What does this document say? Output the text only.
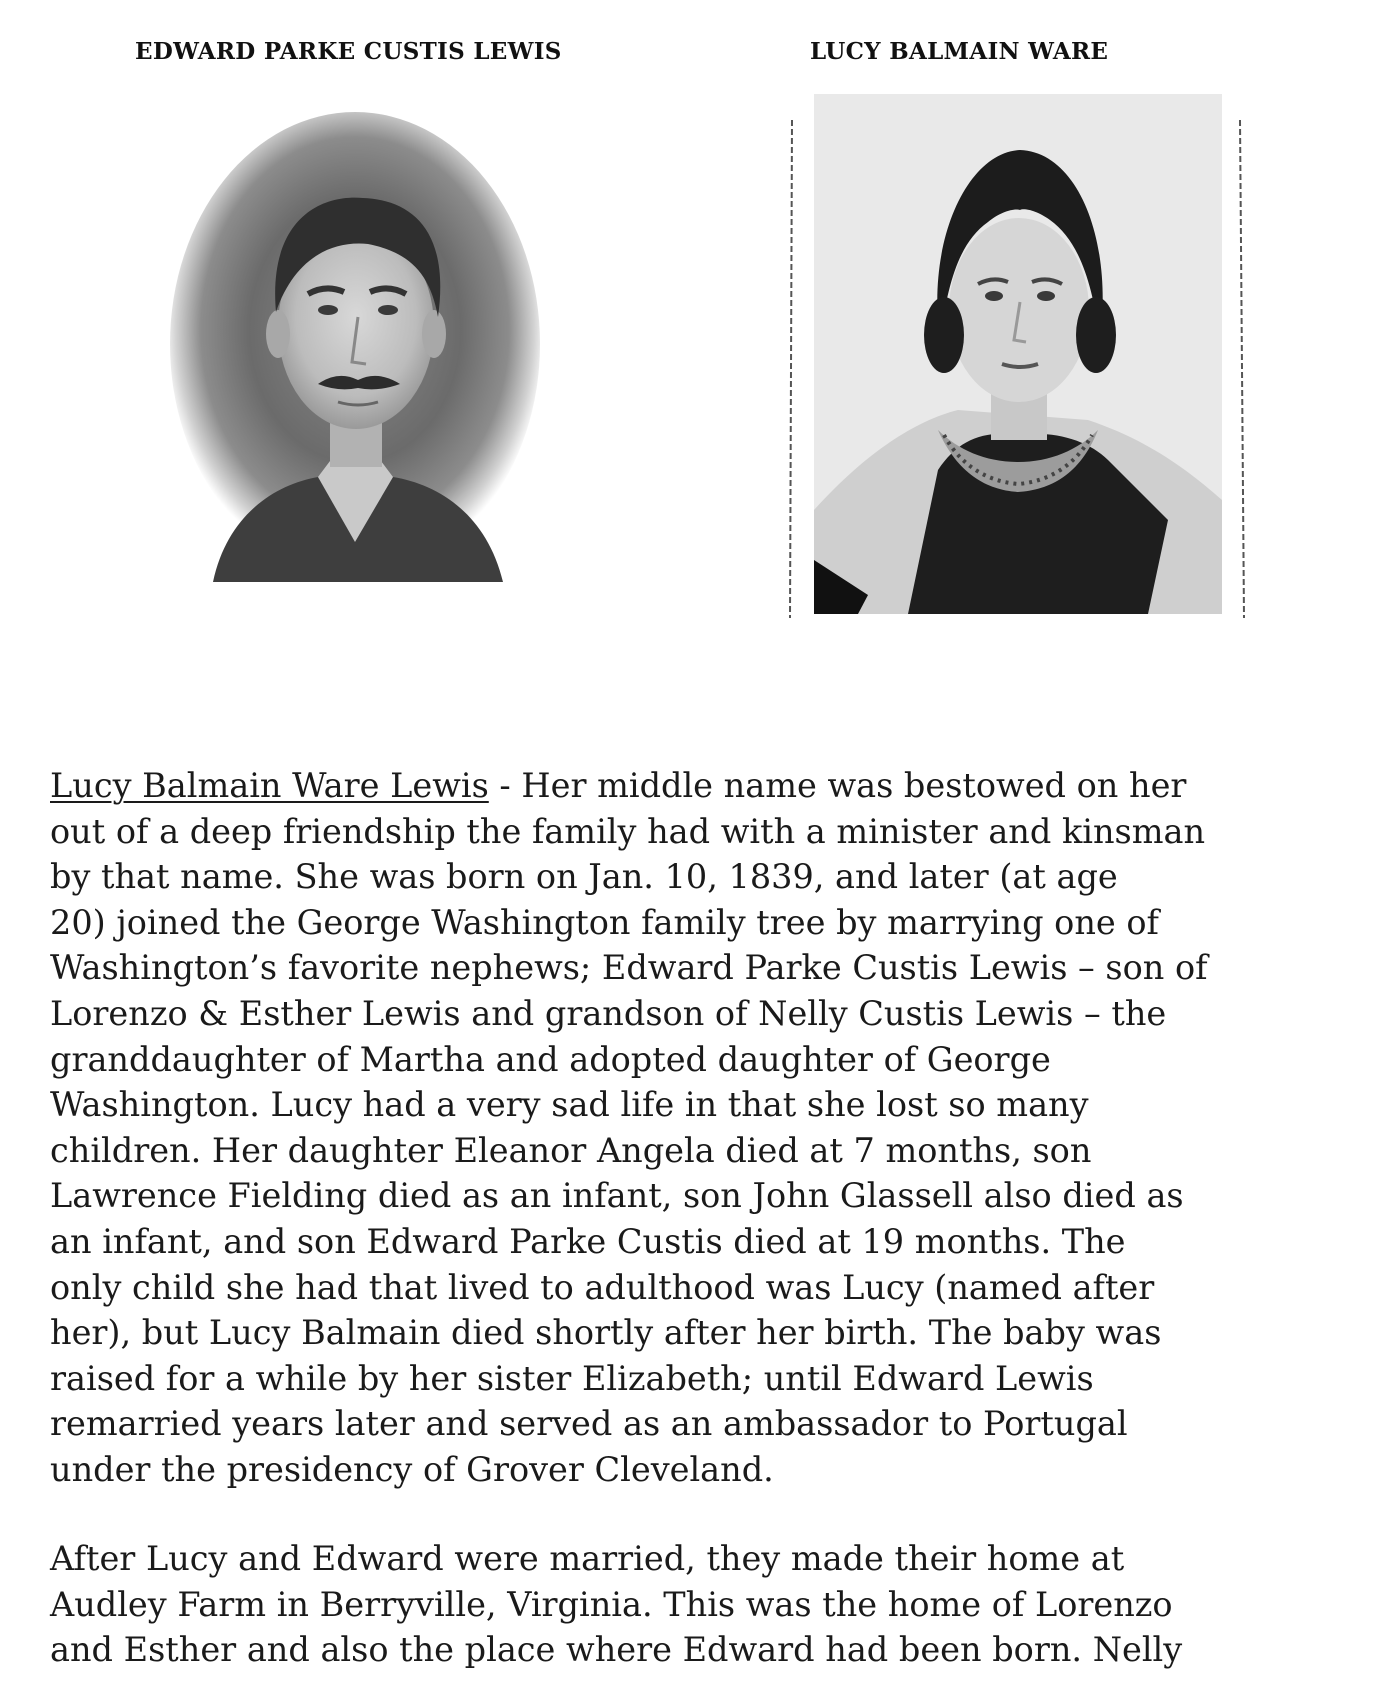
EDWARD PARKE CUSTIS LEWIS	LUCY BALMAIN WARE
Lucy Balmain Ware Lewis - Her middle name was bestowed on her
out of a deep friendship the family had with a minister and kinsman
by that name. She was born on Jan. 10, 1839, and later (at age
20) joined the George Washington family tree by marrying one of
Washington’s favorite nephews; Edward Parke Custis Lewis – son of
Lorenzo & Esther Lewis and grandson of Nelly Custis Lewis – the
granddaughter of Martha and adopted daughter of George
Washington. Lucy had a very sad life in that she lost so many
children. Her daughter Eleanor Angela died at 7 months, son
Lawrence Fielding died as an infant, son John Glassell also died as
an infant, and son Edward Parke Custis died at 19 months. The
only child she had that lived to adulthood was Lucy (named after
her), but Lucy Balmain died shortly after her birth. The baby was
raised for a while by her sister Elizabeth; until Edward Lewis
remarried years later and served as an ambassador to Portugal
under the presidency of Grover Cleveland.
After Lucy and Edward were married, they made their home at
Audley Farm in Berryville, Virginia. This was the home of Lorenzo
and Esther and also the place where Edward had been born. Nelly
